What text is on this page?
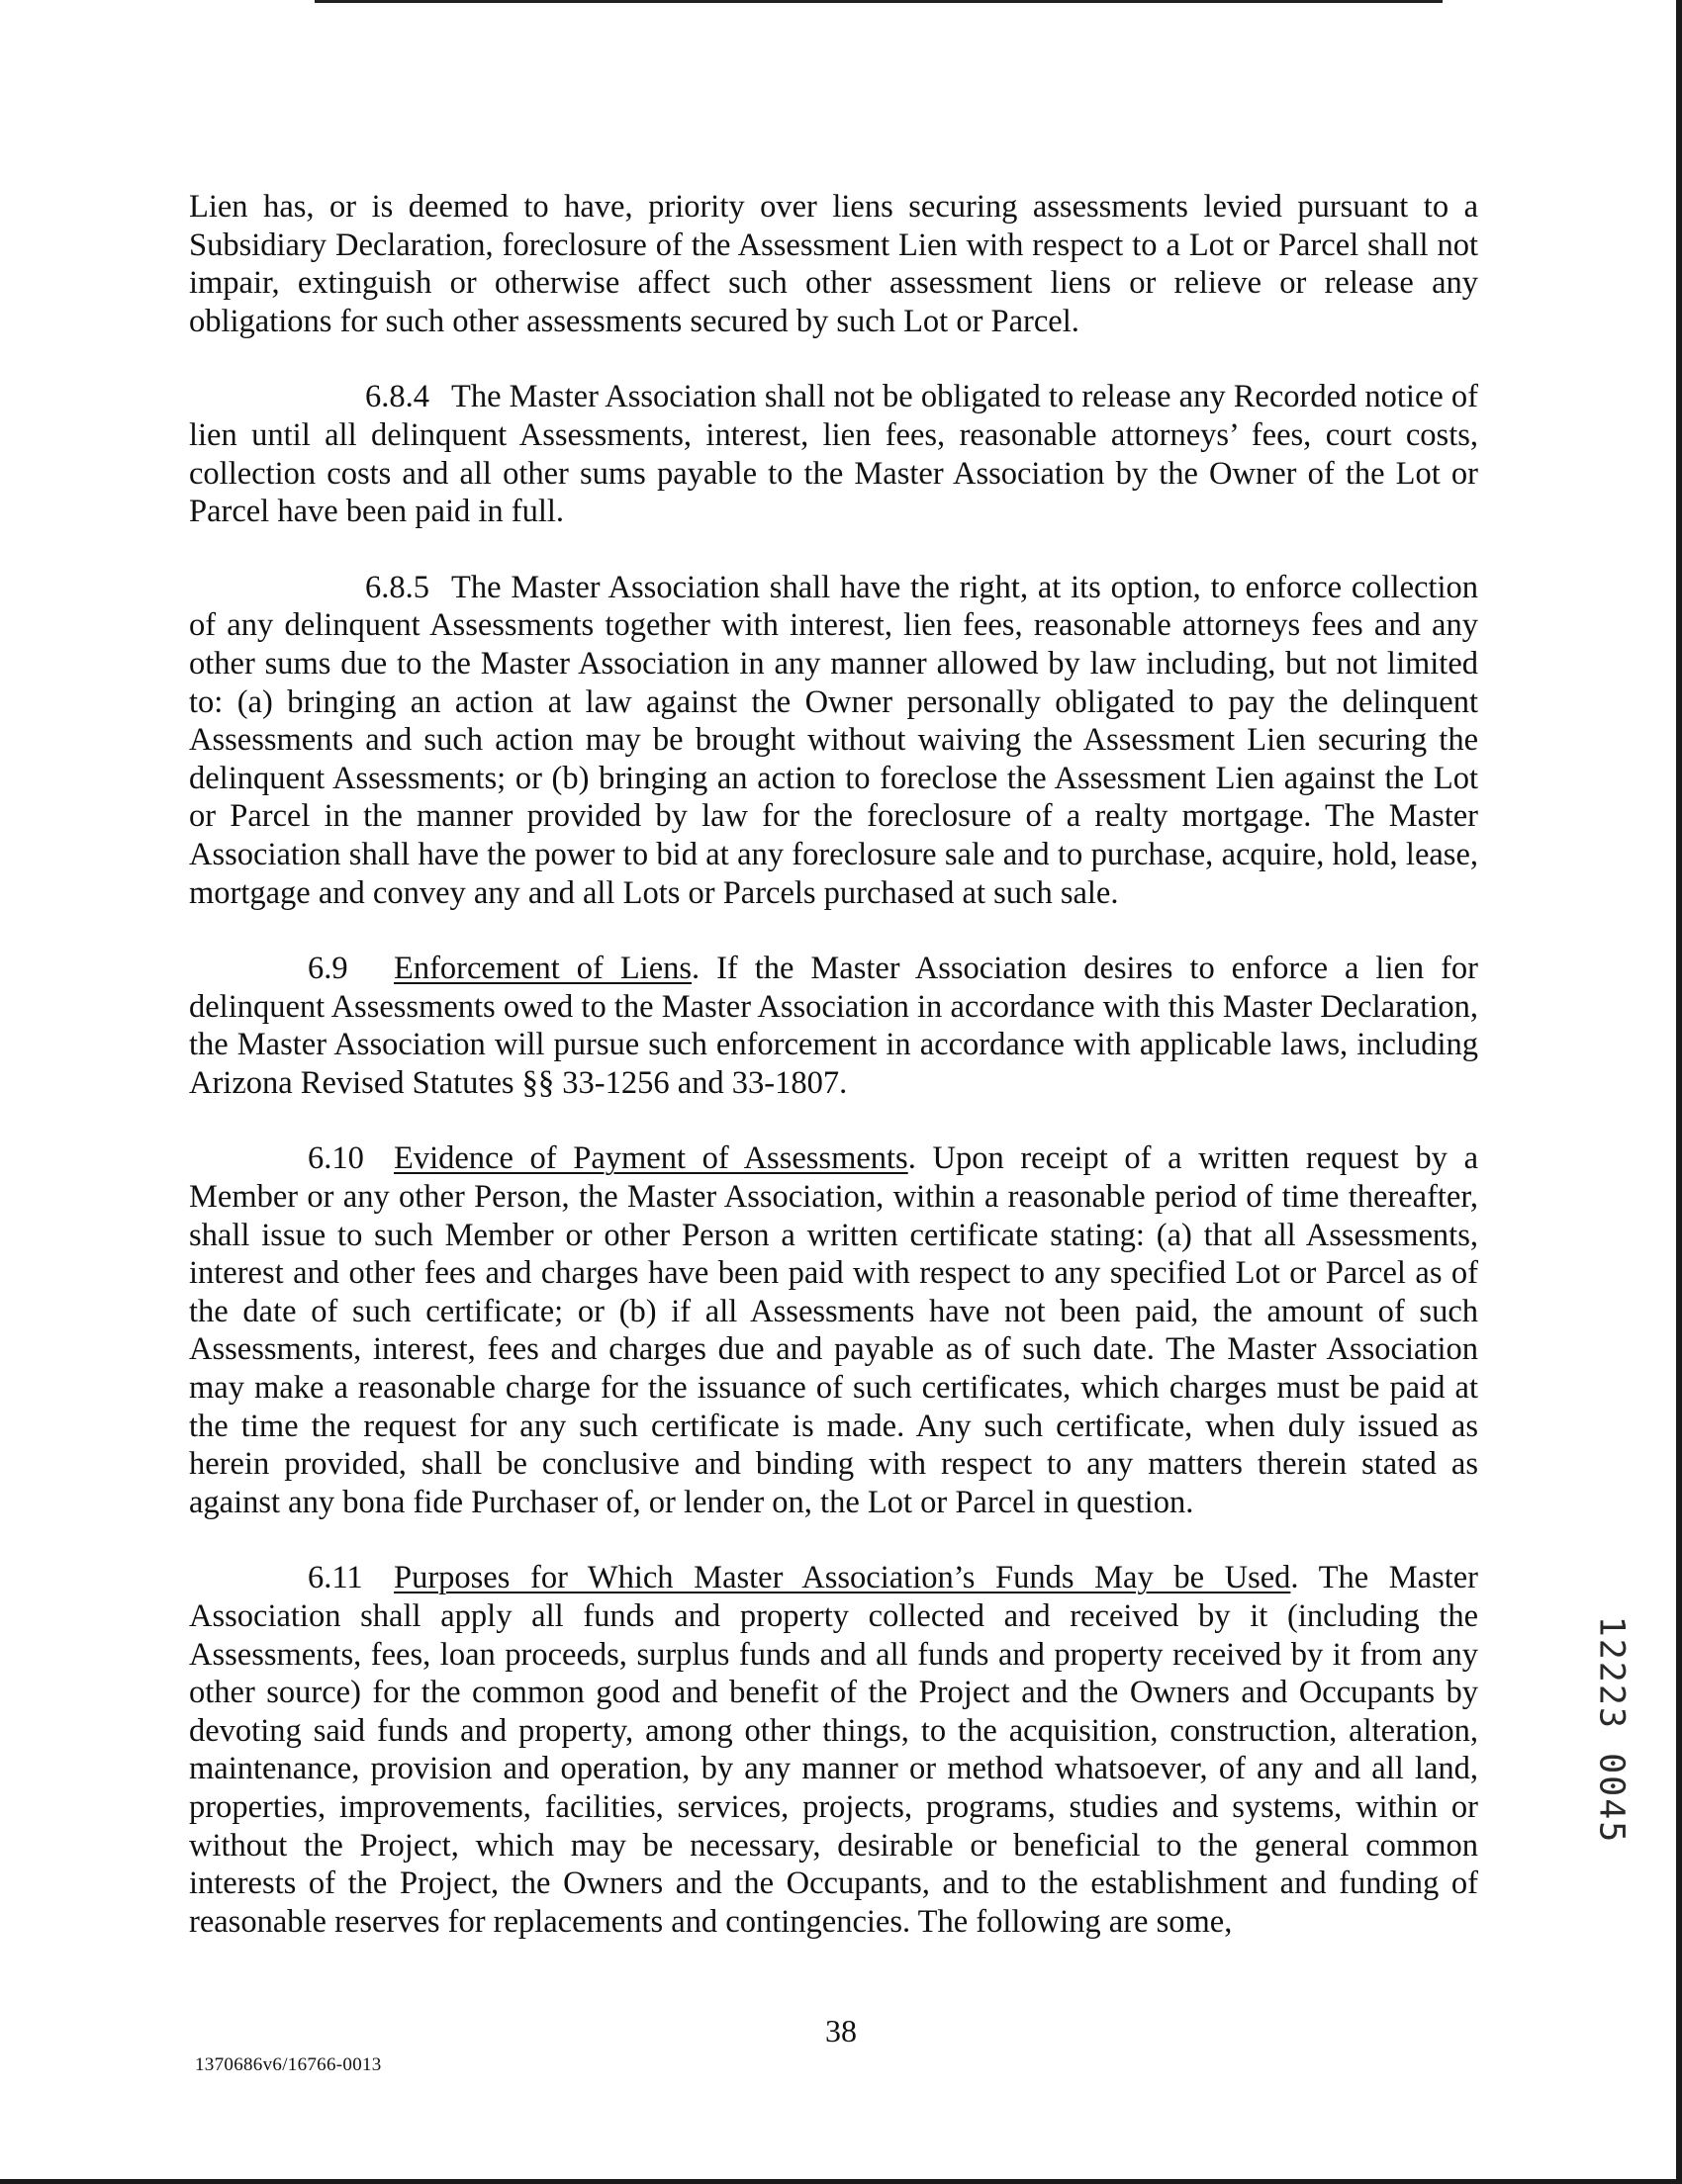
Lien has, or is deemed to have, priority over liens securing assessments levied pursuant to a Subsidiary Declaration, foreclosure of the Assessment Lien with respect to a Lot or Parcel shall not impair, extinguish or otherwise affect such other assessment liens or relieve or release any obligations for such other assessments secured by such Lot or Parcel.

6.8.4 The Master Association shall not be obligated to release any Recorded notice of lien until all delinquent Assessments, interest, lien fees, reasonable attorneys’ fees, court costs, collection costs and all other sums payable to the Master Association by the Owner of the Lot or Parcel have been paid in full.

6.8.5 The Master Association shall have the right, at its option, to enforce collection of any delinquent Assessments together with interest, lien fees, reasonable attorneys fees and any other sums due to the Master Association in any manner allowed by law including, but not limited to: (a) bringing an action at law against the Owner personally obligated to pay the delinquent Assessments and such action may be brought without waiving the Assessment Lien securing the delinquent Assessments; or (b) bringing an action to foreclose the Assessment Lien against the Lot or Parcel in the manner provided by law for the foreclosure of a realty mortgage. The Master Association shall have the power to bid at any foreclosure sale and to purchase, acquire, hold, lease, mortgage and convey any and all Lots or Parcels purchased at such sale.

6.9 Enforcement of Liens. If the Master Association desires to enforce a lien for delinquent Assessments owed to the Master Association in accordance with this Master Declaration, the Master Association will pursue such enforcement in accordance with applicable laws, including Arizona Revised Statutes §§ 33-1256 and 33-1807.

6.10 Evidence of Payment of Assessments. Upon receipt of a written request by a Member or any other Person, the Master Association, within a reasonable period of time thereafter, shall issue to such Member or other Person a written certificate stating: (a) that all Assessments, interest and other fees and charges have been paid with respect to any specified Lot or Parcel as of the date of such certificate; or (b) if all Assessments have not been paid, the amount of such Assessments, interest, fees and charges due and payable as of such date. The Master Association may make a reasonable charge for the issuance of such certificates, which charges must be paid at the time the request for any such certificate is made. Any such certificate, when duly issued as herein provided, shall be conclusive and binding with respect to any matters therein stated as against any bona fide Purchaser of, or lender on, the Lot or Parcel in question.

6.11 Purposes for Which Master Association’s Funds May be Used. The Master Association shall apply all funds and property collected and received by it (including the Assessments, fees, loan proceeds, surplus funds and all funds and property received by it from any other source) for the common good and benefit of the Project and the Owners and Occupants by devoting said funds and property, among other things, to the acquisition, construction, alteration, maintenance, provision and operation, by any manner or method whatsoever, of any and all land, properties, improvements, facilities, services, projects, programs, studies and systems, within or without the Project, which may be necessary, desirable or beneficial to the general common interests of the Project, the Owners and the Occupants, and to the establishment and funding of reasonable reserves for replacements and contingencies. The following are some,

12223 0045
38
1370686v6/16766-0013
